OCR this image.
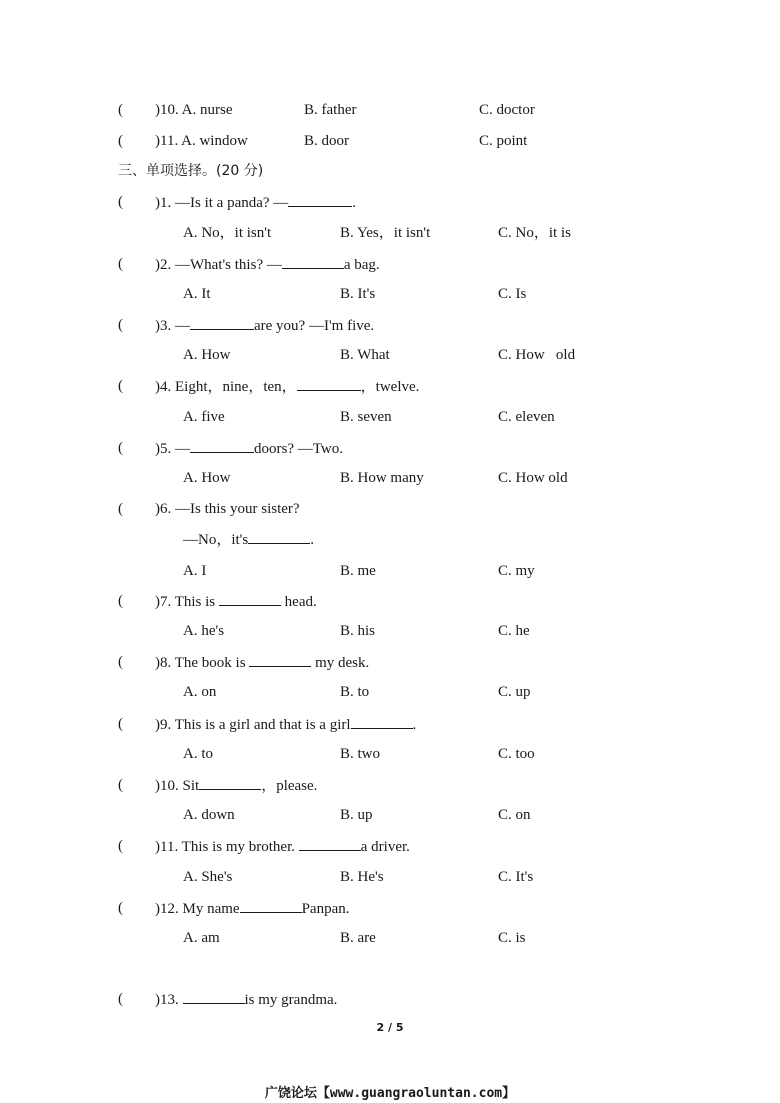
( )10. A. nurse	B. father	C. doctor
( )11. A. window	B. door	C. point
三、单项选择。(20 分)
( )1. —Is it a panda? —	.
A. No，it isn't	B. Yes，it isn't	C. No，it is
( )2. —What's this? —	a bag.
A. It	B. It's	C. Is
( )3. —	are you? —I'm five.
A. How	B. What	C. How   old
( )4. Eight，nine，ten，	，twelve.
A. five	B. seven	C. eleven
( )5. —	doors? —Two.
A. How	B. How many	C. How old
( )6. —Is this your sister?
—No，it's	.
A. I	B. me	C. my
( )7. This is	head.
A. he's	B. his	C. he
( )8. The book is	my desk.
A. on	B. to	C. up
( )9. This is a girl and that is a girl	.
A. to	B. two	C. too
( )10. Sit	，please.
A. down	B. up	C. on
( )11. This is my brother.	a driver.
A. She's	B. He's	C. It's
( )12. My name	Panpan.
A. am	B. are	C. is
( )13.	is my grandma.
2 / 5
广饶论坛【www.guangraoluntan.com】
